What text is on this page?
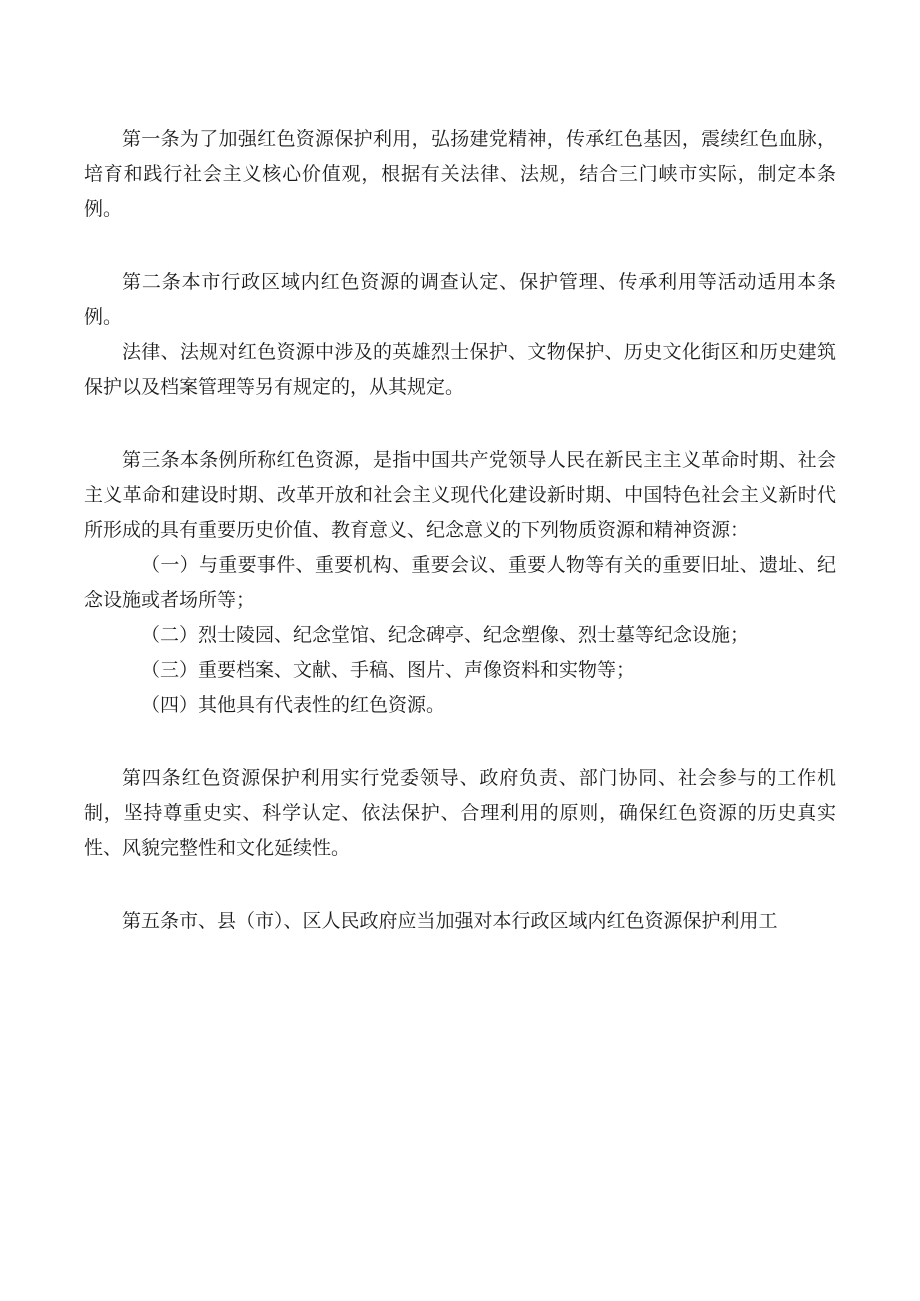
第一条为了加强红色资源保护利用，弘扬建党精神，传承红色基因，震续红色血脉，培育和践行社会主义核心价值观，根据有关法律、法规，结合三门峡市实际，制定本条例。

第二条本市行政区域内红色资源的调查认定、保护管理、传承利用等活动适用本条例。

法律、法规对红色资源中涉及的英雄烈士保护、文物保护、历史文化街区和历史建筑保护以及档案管理等另有规定的，从其规定。

第三条本条例所称红色资源，是指中国共产党领导人民在新民主主义革命时期、社会主义革命和建设时期、改革开放和社会主义现代化建设新时期、中国特色社会主义新时代所形成的具有重要历史价值、教育意义、纪念意义的下列物质资源和精神资源：

（一）与重要事件、重要机构、重要会议、重要人物等有关的重要旧址、遗址、纪念设施或者场所等；

（二）烈士陵园、纪念堂馆、纪念碑亭、纪念塑像、烈士墓等纪念设施；

（三）重要档案、文献、手稿、图片、声像资料和实物等；

（四）其他具有代表性的红色资源。

第四条红色资源保护利用实行党委领导、政府负责、部门协同、社会参与的工作机制，坚持尊重史实、科学认定、依法保护、合理利用的原则，确保红色资源的历史真实性、风貌完整性和文化延续性。

第五条市、县（市）、区人民政府应当加强对本行政区域内红色资源保护利用工
